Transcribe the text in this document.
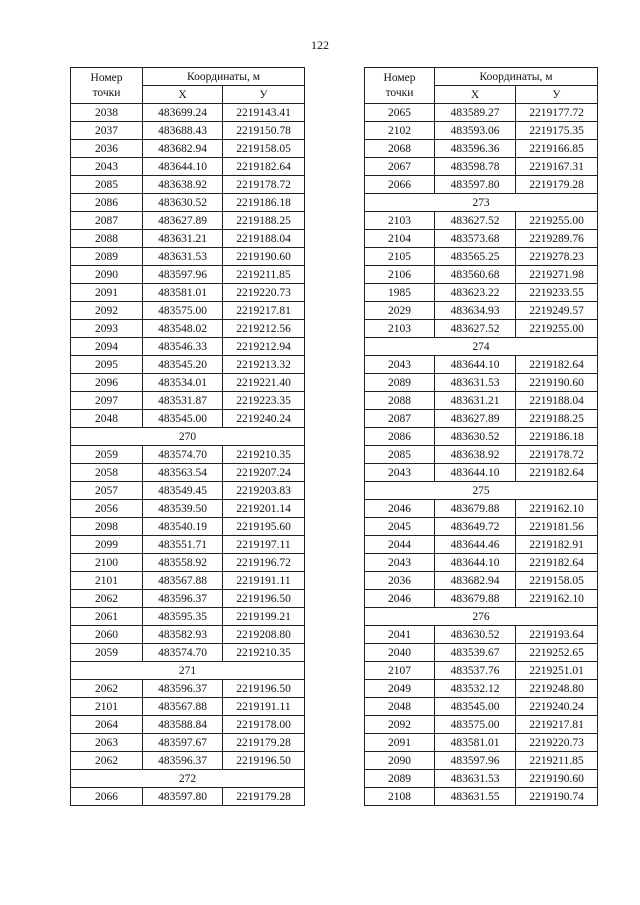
122
Номер
точки	Координаты, м	
	X	У
2038	483699.24	2219143.41
2037	483688.43	2219150.78
2036	483682.94	2219158.05
2043	483644.10	2219182.64
2085	483638.92	2219178.72
2086	483630.52	2219186.18
2087	483627.89	2219188.25
2088	483631.21	2219188.04
2089	483631.53	2219190.60
2090	483597.96	2219211.85
2091	483581.01	2219220.73
2092	483575.00	2219217.81
2093	483548.02	2219212.56
2094	483546.33	2219212.94
2095	483545.20	2219213.32
2096	483534.01	2219221.40
2097	483531.87	2219223.35
2048	483545.00	2219240.24
270		
2059	483574.70	2219210.35
2058	483563.54	2219207.24
2057	483549.45	2219203.83
2056	483539.50	2219201.14
2098	483540.19	2219195.60
2099	483551.71	2219197.11
2100	483558.92	2219196.72
2101	483567.88	2219191.11
2062	483596.37	2219196.50
2061	483595.35	2219199.21
2060	483582.93	2219208.80
2059	483574.70	2219210.35
271		
2062	483596.37	2219196.50
2101	483567.88	2219191.11
2064	483588.84	2219178.00
2063	483597.67	2219179.28
2062	483596.37	2219196.50
272		
2066	483597.80	2219179.28
Номер
точки	Координаты, м	
	X	У
2065	483589.27	2219177.72
2102	483593.06	2219175.35
2068	483596.36	2219166.85
2067	483598.78	2219167.31
2066	483597.80	2219179.28
273		
2103	483627.52	2219255.00
2104	483573.68	2219289.76
2105	483565.25	2219278.23
2106	483560.68	2219271.98
1985	483623.22	2219233.55
2029	483634.93	2219249.57
2103	483627.52	2219255.00
274		
2043	483644.10	2219182.64
2089	483631.53	2219190.60
2088	483631.21	2219188.04
2087	483627.89	2219188.25
2086	483630.52	2219186.18
2085	483638.92	2219178.72
2043	483644.10	2219182.64
275		
2046	483679.88	2219162.10
2045	483649.72	2219181.56
2044	483644.46	2219182.91
2043	483644.10	2219182.64
2036	483682.94	2219158.05
2046	483679.88	2219162.10
276		
2041	483630.52	2219193.64
2040	483539.67	2219252.65
2107	483537.76	2219251.01
2049	483532.12	2219248.80
2048	483545.00	2219240.24
2092	483575.00	2219217.81
2091	483581.01	2219220.73
2090	483597.96	2219211.85
2089	483631.53	2219190.60
2108	483631.55	2219190.74
